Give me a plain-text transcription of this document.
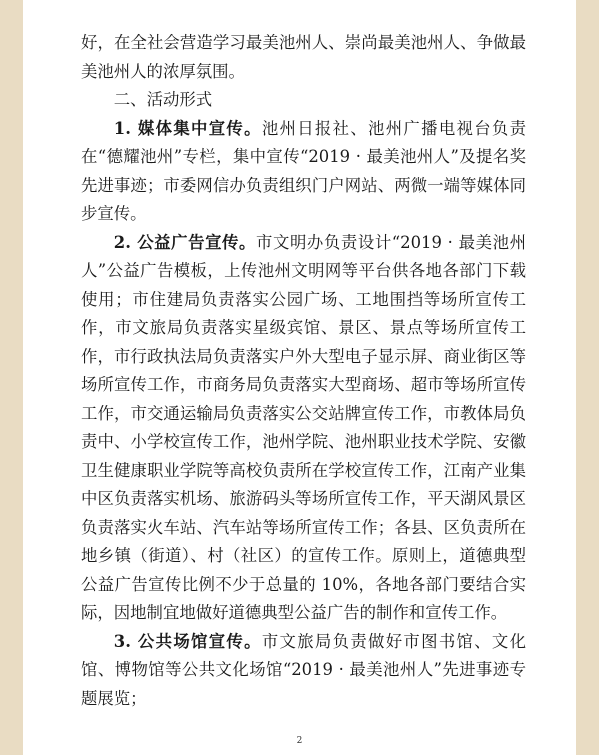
好，在全社会营造学习最美池州人、崇尚最美池州人、争做最美池州人的浓厚氛围。

二、活动形式

1. 媒体集中宣传。池州日报社、池州广播电视台负责在“德耀池州”专栏，集中宣传“2019 · 最美池州人”及提名奖先进事迹；市委网信办负责组织门户网站、两微一端等媒体同步宣传。

2. 公益广告宣传。市文明办负责设计“2019 · 最美池州人”公益广告模板，上传池州文明网等平台供各地各部门下载使用；市住建局负责落实公园广场、工地围挡等场所宣传工作，市文旅局负责落实星级宾馆、景区、景点等场所宣传工作，市行政执法局负责落实户外大型电子显示屏、商业街区等场所宣传工作，市商务局负责落实大型商场、超市等场所宣传工作，市交通运输局负责落实公交站牌宣传工作，市教体局负责中、小学校宣传工作，池州学院、池州职业技术学院、安徽卫生健康职业学院等高校负责所在学校宣传工作，江南产业集中区负责落实机场、旅游码头等场所宣传工作，平天湖风景区负责落实火车站、汽车站等场所宣传工作；各县、区负责所在地乡镇（街道）、村（社区）的宣传工作。原则上，道德典型公益广告宣传比例不少于总量的 10%，各地各部门要结合实际，因地制宜地做好道德典型公益广告的制作和宣传工作。

3. 公共场馆宣传。市文旅局负责做好市图书馆、文化馆、博物馆等公共文化场馆“2019 · 最美池州人”先进事迹专题展览；

2
